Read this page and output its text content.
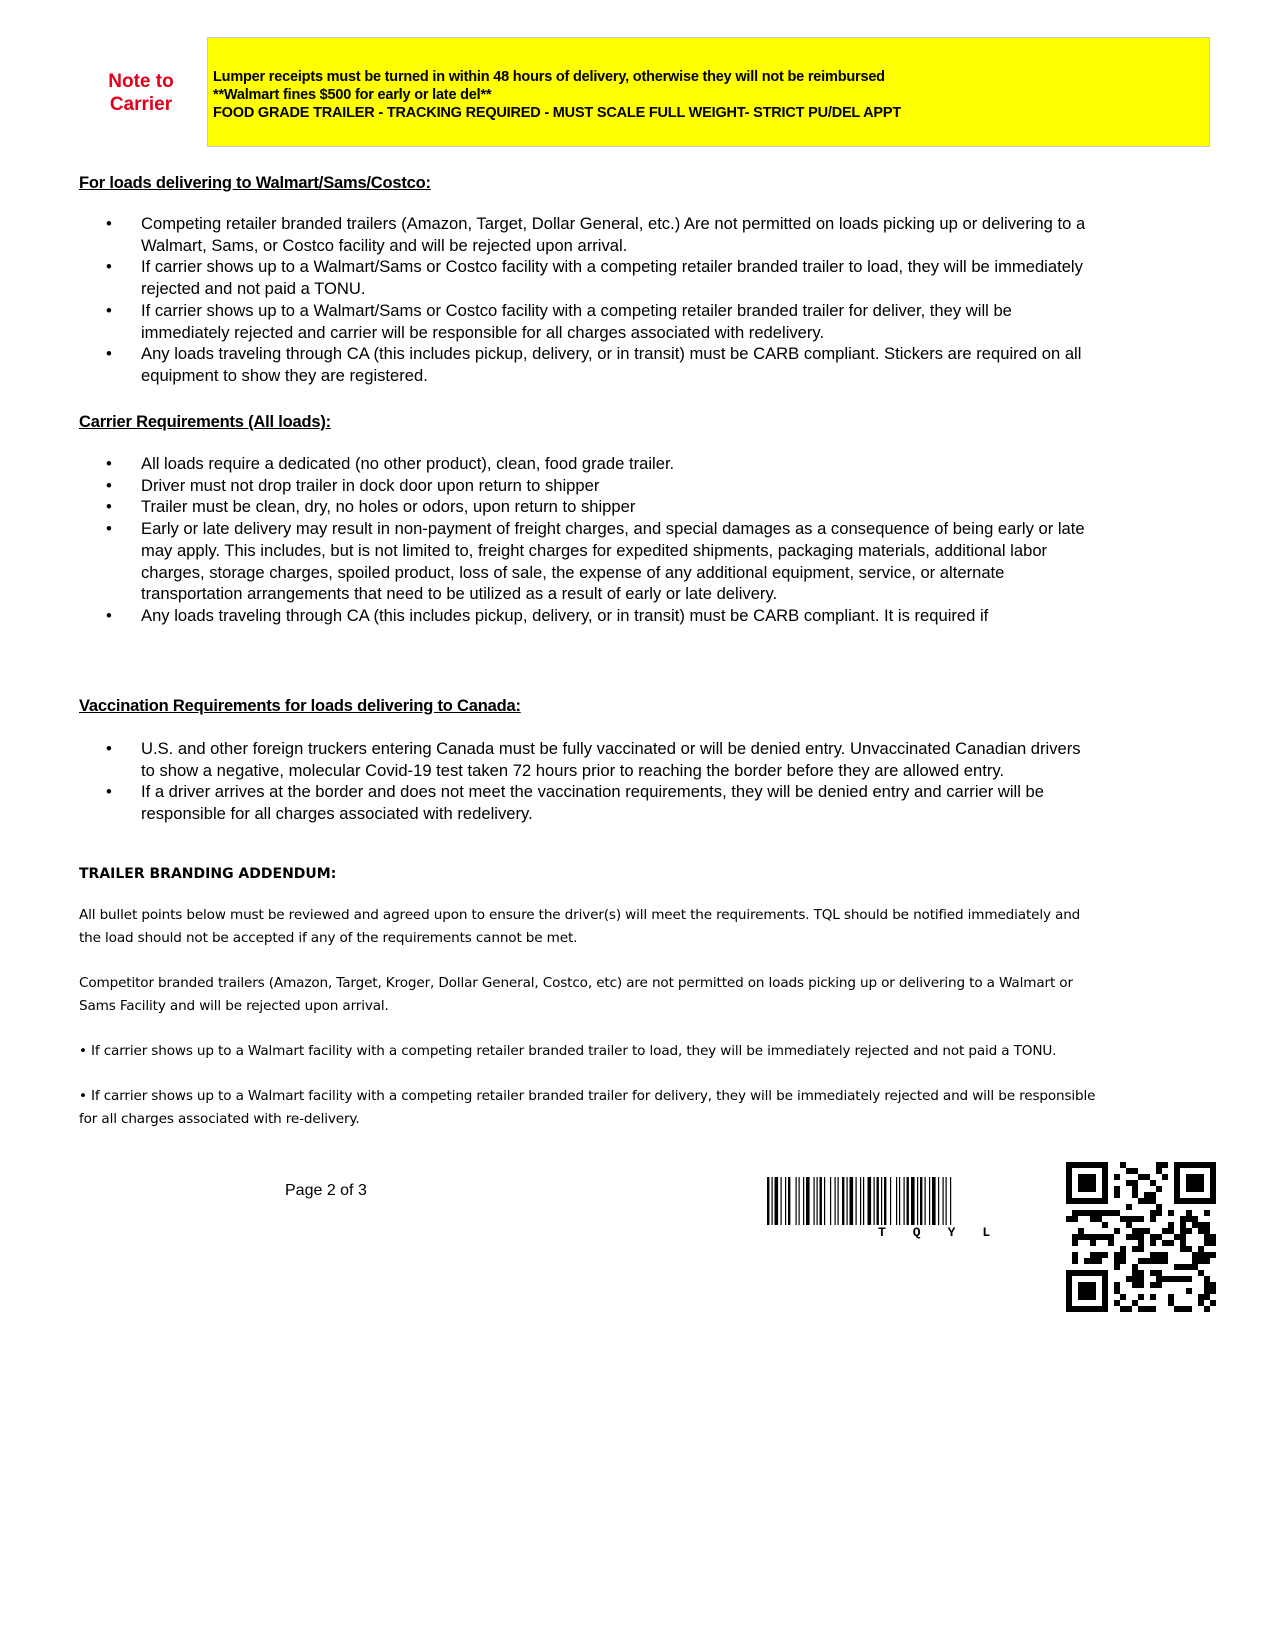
Note to
Carrier
Lumper receipts must be turned in within 48 hours of delivery, otherwise they will not be reimbursed
**Walmart fines $500 for early or late del**
FOOD GRADE TRAILER - TRACKING REQUIRED - MUST SCALE FULL WEIGHT- STRICT PU/DEL APPT
For loads delivering to Walmart/Sams/Costco:
• Competing retailer branded trailers (Amazon, Target, Dollar General, etc.) Are not permitted on loads picking up or delivering to a Walmart, Sams, or Costco facility and will be rejected upon arrival.
• If carrier shows up to a Walmart/Sams or Costco facility with a competing retailer branded trailer to load, they will be immediately rejected and not paid a TONU.
• If carrier shows up to a Walmart/Sams or Costco facility with a competing retailer branded trailer for deliver, they will be immediately rejected and carrier will be responsible for all charges associated with redelivery.
• Any loads traveling through CA (this includes pickup, delivery, or in transit) must be CARB compliant. Stickers are required on all equipment to show they are registered.
Carrier Requirements (All loads):
• All loads require a dedicated (no other product), clean, food grade trailer.
• Driver must not drop trailer in dock door upon return to shipper
• Trailer must be clean, dry, no holes or odors, upon return to shipper
• Early or late delivery may result in non-payment of freight charges, and special damages as a consequence of being early or late may apply. This includes, but is not limited to, freight charges for expedited shipments, packaging materials, additional labor charges, storage charges, spoiled product, loss of sale, the expense of any additional equipment, service, or alternate transportation arrangements that need to be utilized as a result of early or late delivery.
• Any loads traveling through CA (this includes pickup, delivery, or in transit) must be CARB compliant. It is required if
Vaccination Requirements for loads delivering to Canada:
• U.S. and other foreign truckers entering Canada must be fully vaccinated or will be denied entry. Unvaccinated Canadian drivers to show a negative, molecular Covid-19 test taken 72 hours prior to reaching the border before they are allowed entry.
• If a driver arrives at the border and does not meet the vaccination requirements, they will be denied entry and carrier will be responsible for all charges associated with redelivery.
TRAILER BRANDING ADDENDUM:
All bullet points below must be reviewed and agreed upon to ensure the driver(s) will meet the requirements. TQL should be notified immediately and the load should not be accepted if any of the requirements cannot be met.
Competitor branded trailers (Amazon, Target, Kroger, Dollar General, Costco, etc) are not permitted on loads picking up or delivering to a Walmart or Sams Facility and will be rejected upon arrival.
• If carrier shows up to a Walmart facility with a competing retailer branded trailer to load, they will be immediately rejected and not paid a TONU.
• If carrier shows up to a Walmart facility with a competing retailer branded trailer for delivery, they will be immediately rejected and will be responsible for all charges associated with re-delivery.
Page 2 of 3
TQYL
